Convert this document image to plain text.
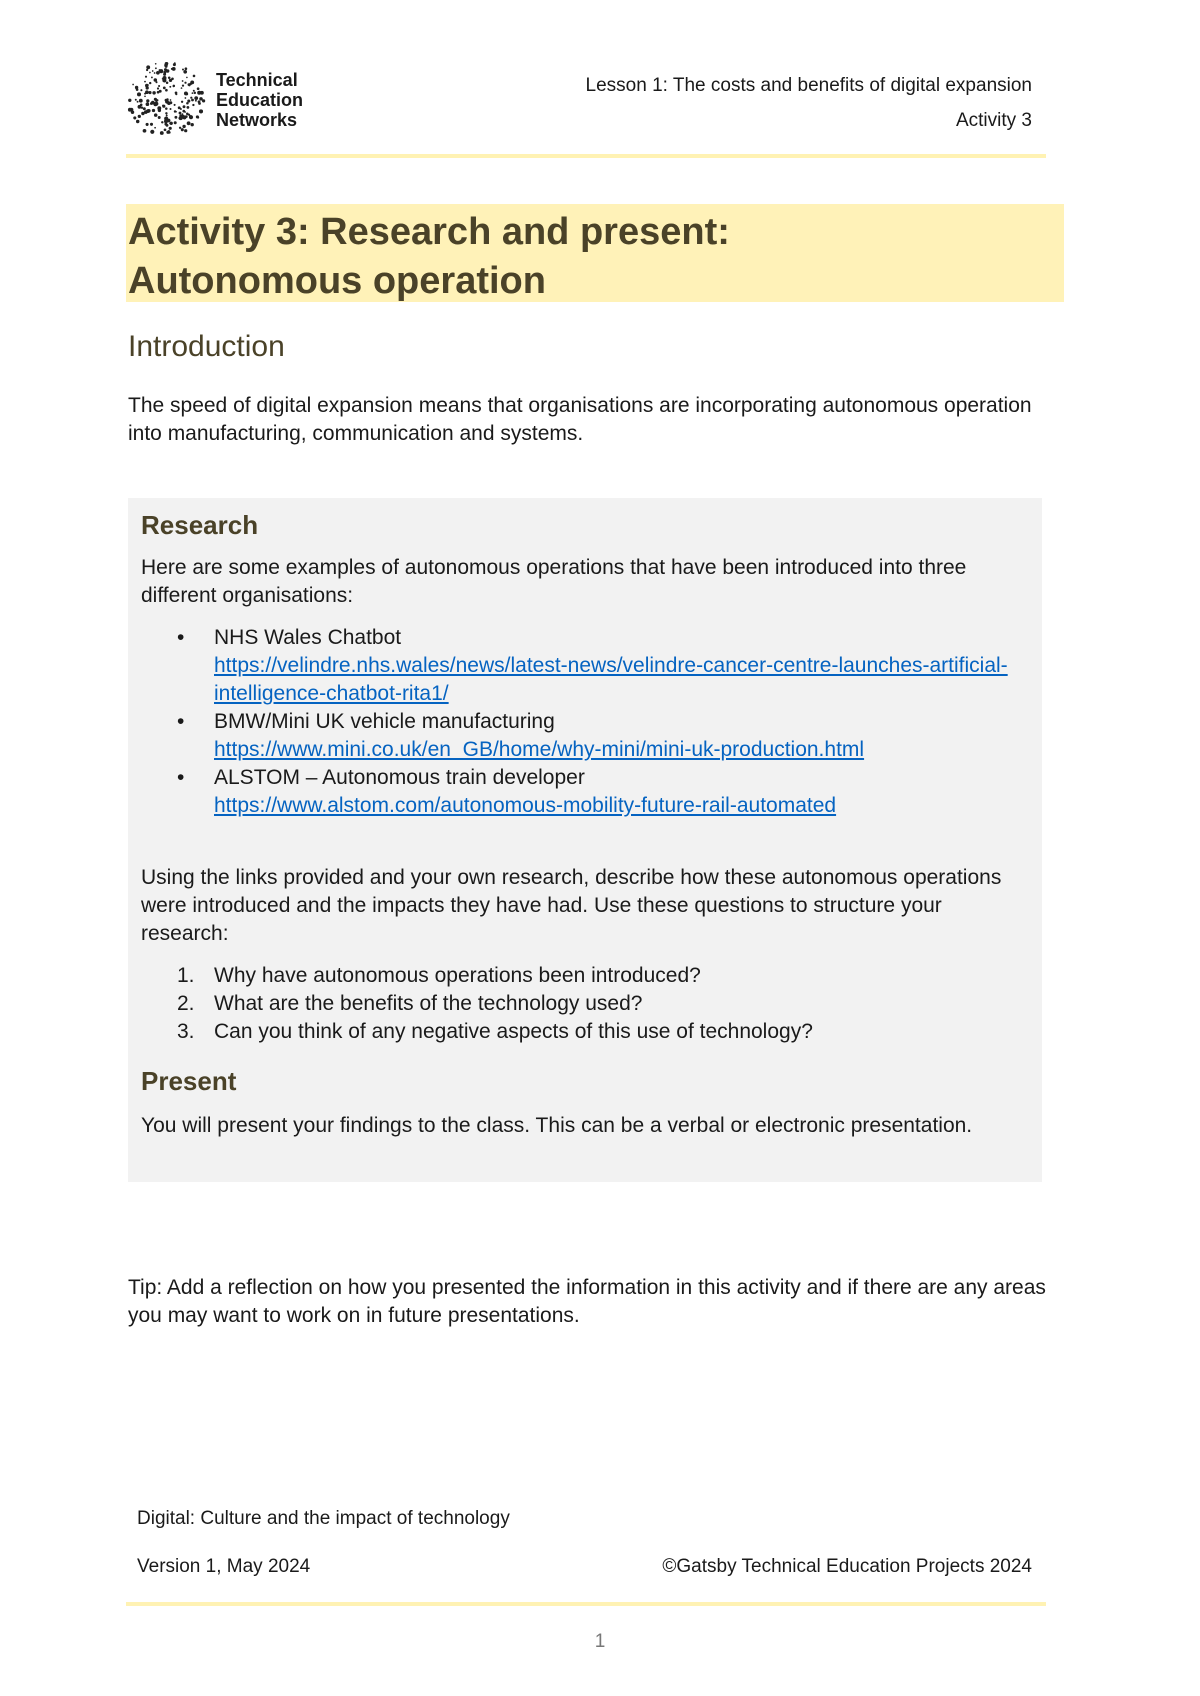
Technical
Education
Networks
Lesson 1: The costs and benefits of digital expansion
Activity 3
Activity 3: Research and present:
Autonomous operation
Introduction

The speed of digital expansion means that organisations are incorporating autonomous operation into manufacturing, communication and systems.

Research

Here are some examples of autonomous operations that have been introduced into three different organisations:

• NHS Wales Chatbot
https://velindre.nhs.wales/news/latest-news/velindre-cancer-centre-launches-artificial-intelligence-chatbot-rita1/
• BMW/Mini UK vehicle manufacturing
https://www.mini.co.uk/en_GB/home/why-mini/mini-uk-production.html
• ALSTOM – Autonomous train developer
https://www.alstom.com/autonomous-mobility-future-rail-automated

Using the links provided and your own research, describe how these autonomous operations were introduced and the impacts they have had. Use these questions to structure your research:

1. Why have autonomous operations been introduced?
2. What are the benefits of the technology used?
3. Can you think of any negative aspects of this use of technology?
Present

You will present your findings to the class. This can be a verbal or electronic presentation.

Tip: Add a reflection on how you presented the information in this activity and if there are any areas you may want to work on in future presentations.

Digital: Culture and the impact of technology
Version 1, May 2024	©Gatsby Technical Education Projects 2024
1
